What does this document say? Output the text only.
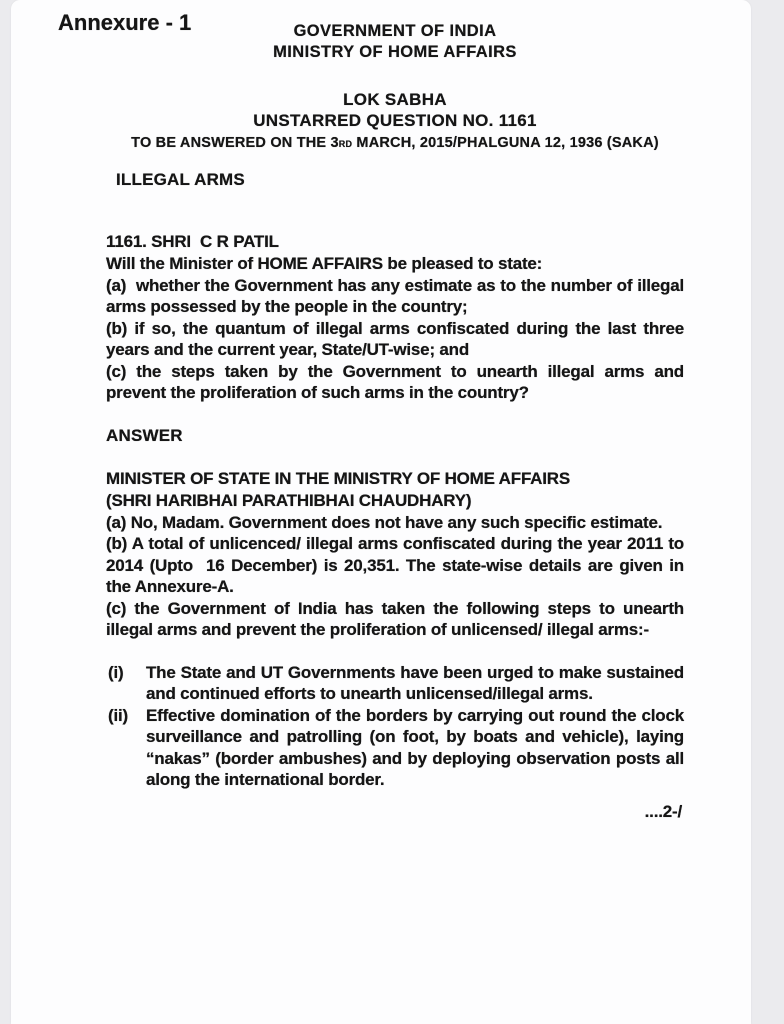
Annexure - 1	GOVERNMENT OF INDIA
MINISTRY OF HOME AFFAIRS
LOK SABHA
UNSTARRED QUESTION NO. 1161
TO BE ANSWERED ON THE 3RD MARCH, 2015/PHALGUNA 12, 1936 (SAKA)
ILLEGAL ARMS
1161. SHRI  C R PATIL

Will the Minister of HOME AFFAIRS be pleased to state:

(a)  whether the Government has any estimate as to the number of illegal arms possessed by the people in the country;

(b) if so, the quantum of illegal arms confiscated during the last three years and the current year, State/UT-wise; and

(c) the steps taken by the Government to unearth illegal arms and prevent the proliferation of such arms in the country?

ANSWER
MINISTER OF STATE IN THE MINISTRY OF HOME AFFAIRS
(SHRI HARIBHAI PARATHIBHAI CHAUDHARY)

(a) No, Madam. Government does not have any such specific estimate.

(b) A total of unlicenced/ illegal arms confiscated during the year 2011 to 2014 (Upto  16 December) is 20,351. The state-wise details are given in the Annexure-A.

(c) the Government of India has taken the following steps to unearth illegal arms and prevent the proliferation of unlicensed/ illegal arms:-

(i)	The State and UT Governments have been urged to make sustained and continued efforts to unearth unlicensed/illegal arms.
(ii)	Effective domination of the borders by carrying out round the clock surveillance and patrolling (on foot, by boats and vehicle), laying “nakas” (border ambushes) and by deploying observation posts all along the international border.
....2-/
